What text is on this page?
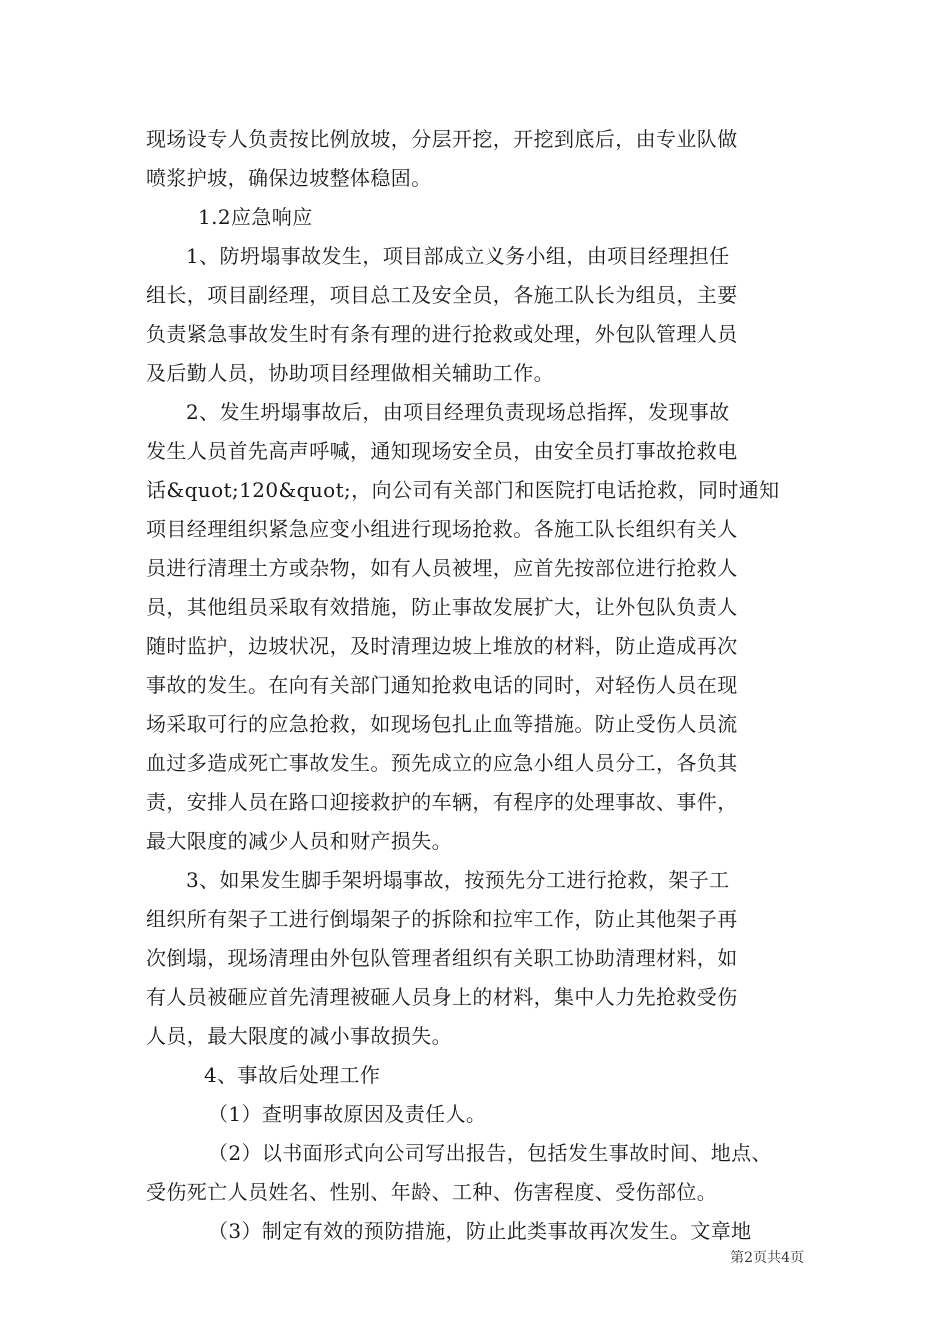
现场设专人负责按比例放坡，分层开挖，开挖到底后，由专业队做
喷浆护坡，确保边坡整体稳固。
1.2应急响应
1、防坍塌事故发生，项目部成立义务小组，由项目经理担任
组长，项目副经理，项目总工及安全员，各施工队长为组员，主要
负责紧急事故发生时有条有理的进行抢救或处理，外包队管理人员
及后勤人员，协助项目经理做相关辅助工作。
2、发生坍塌事故后，由项目经理负责现场总指挥，发现事故
发生人员首先高声呼喊，通知现场安全员，由安全员打事故抢救电
话&quot;120&quot;，向公司有关部门和医院打电话抢救，同时通知
项目经理组织紧急应变小组进行现场抢救。各施工队长组织有关人
员进行清理土方或杂物，如有人员被埋，应首先按部位进行抢救人
员，其他组员采取有效措施，防止事故发展扩大，让外包队负责人
随时监护，边坡状况，及时清理边坡上堆放的材料，防止造成再次
事故的发生。在向有关部门通知抢救电话的同时，对轻伤人员在现
场采取可行的应急抢救，如现场包扎止血等措施。防止受伤人员流
血过多造成死亡事故发生。预先成立的应急小组人员分工，各负其
责，安排人员在路口迎接救护的车辆，有程序的处理事故、事件，
最大限度的减少人员和财产损失。
3、如果发生脚手架坍塌事故，按预先分工进行抢救，架子工
组织所有架子工进行倒塌架子的拆除和拉牢工作，防止其他架子再
次倒塌，现场清理由外包队管理者组织有关职工协助清理材料，如
有人员被砸应首先清理被砸人员身上的材料，集中人力先抢救受伤
人员，最大限度的减小事故损失。
4、事故后处理工作
（1）查明事故原因及责任人。
（2）以书面形式向公司写出报告，包括发生事故时间、地点、
受伤死亡人员姓名、性别、年龄、工种、伤害程度、受伤部位。
（3）制定有效的预防措施，防止此类事故再次发生。文章地
第2页共4页
